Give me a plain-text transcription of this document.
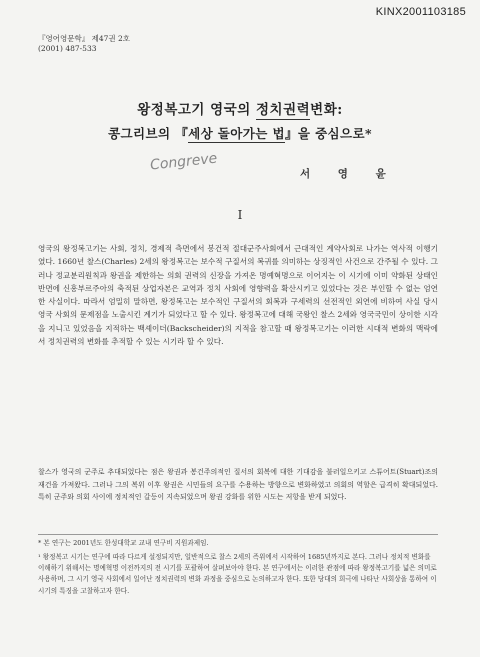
KINX2001103185
『영어영문학』 제47권 2호
(2001) 487-533
왕정복고기 영국의 정치권력변화:
콩그리브의 『세상 돌아가는 법』을 중심으로*
Congreve
서 영 윤
I
영국의 왕정복고기는 사회, 정치, 경제적 측면에서 봉건적 절대군주사회에서 근대적인 계약사회로 나가는 역사적 이행기였다. 1660년 찰스(Charles) 2세의 왕정복고는 보수적 구질서의 복귀를 의미하는 상징적인 사건으로 간주될 수 있다. 그러나 정교분리원칙과 왕권을 제한하는 의회 권력의 신장을 가져온 명예혁명으로 이어지는 이 시기에 이미 약화된 상태인 반면에 신흥부르주아의 축적된 상업자본은 교역과 정치 사회에 영향력을 확산시키고 있었다는 것은 부인할 수 없는 엄연한 사실이다. 따라서 엄밀히 말하면, 왕정복고는 보수적인 구질서의 회복과 구세력의 선전적인 외연에 비하여 사실 당시 영국 사회의 문제점을 노출시킨 계기가 되었다고 할 수 있다. 왕정복고에 대해 국왕인 찰스 2세와 영국국민이 상이한 시각을 지니고 있었음을 지적하는 백셰이더(Backscheider)의 지적을 참고할 때 왕정복고기는 이러한 시대적 변화의 맥락에서 정치권력의 변화를 추적할 수 있는 시기라 할 수 있다.
찰스가 영국의 군주로 추대되었다는 점은 왕권과 봉건주의적인 질서의 회복에 대한 기대감을 불러일으키고 스튜어트(Stuart)조의 재건을 가져왔다. 그러나 그의 복위 이후 왕권은 시민들의 요구를 수용하는 방향으로 변화하였고 의회의 역할은 급격히 확대되었다. 특히 군주와 의회 사이에 정치적인 갈등이 지속되었으며 왕권 강화를 위한 시도는 저항을 받게 되었다.
* 본 연구는 2001년도 한성대학교 교내 연구비 지원과제임.
¹ 왕정복고 시기는 연구에 따라 다르게 설정되지만, 일반적으로 찰스 2세의 즉위에서 시작하여 1685년까지로 본다. 그러나 정치적 변화를 이해하기 위해서는 명예혁명 이전까지의 전 시기를 포괄하여 살펴보아야 한다. 본 연구에서는 이러한 관점에 따라 왕정복고기를 넓은 의미로 사용하며, 그 시기 영국 사회에서 일어난 정치권력의 변화 과정을 중심으로 논의하고자 한다. 또한 당대의 희극에 나타난 사회상을 통하여 이 시기의 특징을 고찰하고자 한다.
